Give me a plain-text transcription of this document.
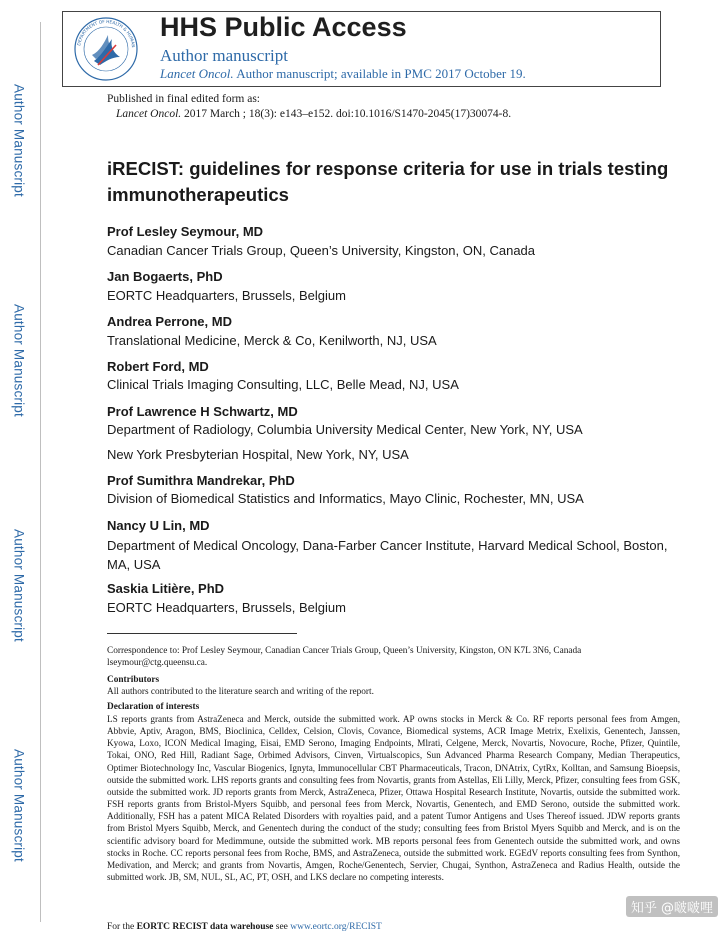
Author Manuscript
Author Manuscript
Author Manuscript
Author Manuscript
DEPARTMENT OF HEALTH & HUMAN
HHS Public Access
Author manuscript
Lancet Oncol. Author manuscript; available in PMC 2017 October 19.
Published in final edited form as:
Lancet Oncol. 2017 March ; 18(3): e143–e152. doi:10.1016/S1470-2045(17)30074-8.
iRECIST: guidelines for response criteria for use in trials testing immunotherapeutics
Prof Lesley Seymour, MD
Canadian Cancer Trials Group, Queen’s University, Kingston, ON, Canada
Jan Bogaerts, PhD
EORTC Headquarters, Brussels, Belgium
Andrea Perrone, MD
Translational Medicine, Merck & Co, Kenilworth, NJ, USA
Robert Ford, MD
Clinical Trials Imaging Consulting, LLC, Belle Mead, NJ, USA
Prof Lawrence H Schwartz, MD
Department of Radiology, Columbia University Medical Center, New York, NY, USA
New York Presbyterian Hospital, New York, NY, USA
Prof Sumithra Mandrekar, PhD
Division of Biomedical Statistics and Informatics, Mayo Clinic, Rochester, MN, USA
Nancy U Lin, MD
Department of Medical Oncology, Dana-Farber Cancer Institute, Harvard Medical School, Boston, MA, USA
Saskia Litière, PhD
EORTC Headquarters, Brussels, Belgium
Correspondence to: Prof Lesley Seymour, Canadian Cancer Trials Group, Queen’s University, Kingston, ON K7L 3N6, Canada lseymour@ctg.queensu.ca.
Contributors
All authors contributed to the literature search and writing of the report.
Declaration of interests
LS reports grants from AstraZeneca and Merck, outside the submitted work. AP owns stocks in Merck & Co. RF reports personal fees from Amgen, Abbvie, Aptiv, Aragon, BMS, Bioclinica, Celldex, Celsion, Clovis, Covance, Biomedical systems, ACR Image Metrix, Exelixis, Genentech, Janssen, Kyowa, Loxo, ICON Medical Imaging, Eisai, EMD Serono, Imaging Endpoints, Mlrati, Celgene, Merck, Novartis, Novocure, Roche, Pfizer, Quintile, Tokai, ONO, Red Hill, Radiant Sage, Orbimed Advisors, Cinven, Virtualscopics, Sun Advanced Pharma Research Company, Median Therapeutics, Optimer Biotechnology Inc, Vascular Biogenics, Ignyta, Immunocellular CBT Pharmaceuticals, Tracon, DNAtrix, CytRx, Kolltan, and Samsung Bioepsis, outside the submitted work. LHS reports grants and consulting fees from Novartis, grants from Astellas, Eli Lilly, Merck, Pfizer, consulting fees from GSK, outside the submitted work. JD reports grants from Merck, AstraZeneca, Pfizer, Ottawa Hospital Research Institute, Novartis, outside the submitted work. FSH reports grants from Bristol-Myers Squibb, and personal fees from Merck, Novartis, Genentech, and EMD Serono, outside the submitted work. Additionally, FSH has a patent MICA Related Disorders with royalties paid, and a patent Tumor Antigens and Uses Thereof issued. JDW reports grants from Bristol Myers Squibb, Merck, and Genentech during the conduct of the study; consulting fees from Bristol Myers Squibb and Merck, and is on the scientific advisory board for Medimmune, outside the submitted work. MB reports personal fees from Genentech outside the submitted work, and owns stocks in Roche. CC reports personal fees from Roche, BMS, and AstraZeneca, outside the submitted work. EGEdV reports consulting fees from Synthon, Medivation, and Merck; and grants from Novartis, Amgen, Roche/Genentech, Servier, Chugai, Synthon, AstraZeneca and Radius Health, outside the submitted work. JB, SM, NUL, SL, AC, PT, OSH, and LKS declare no competing interests.
For the EORTC RECIST data warehouse see www.eortc.org/RECIST
知乎 @啵啵哩
